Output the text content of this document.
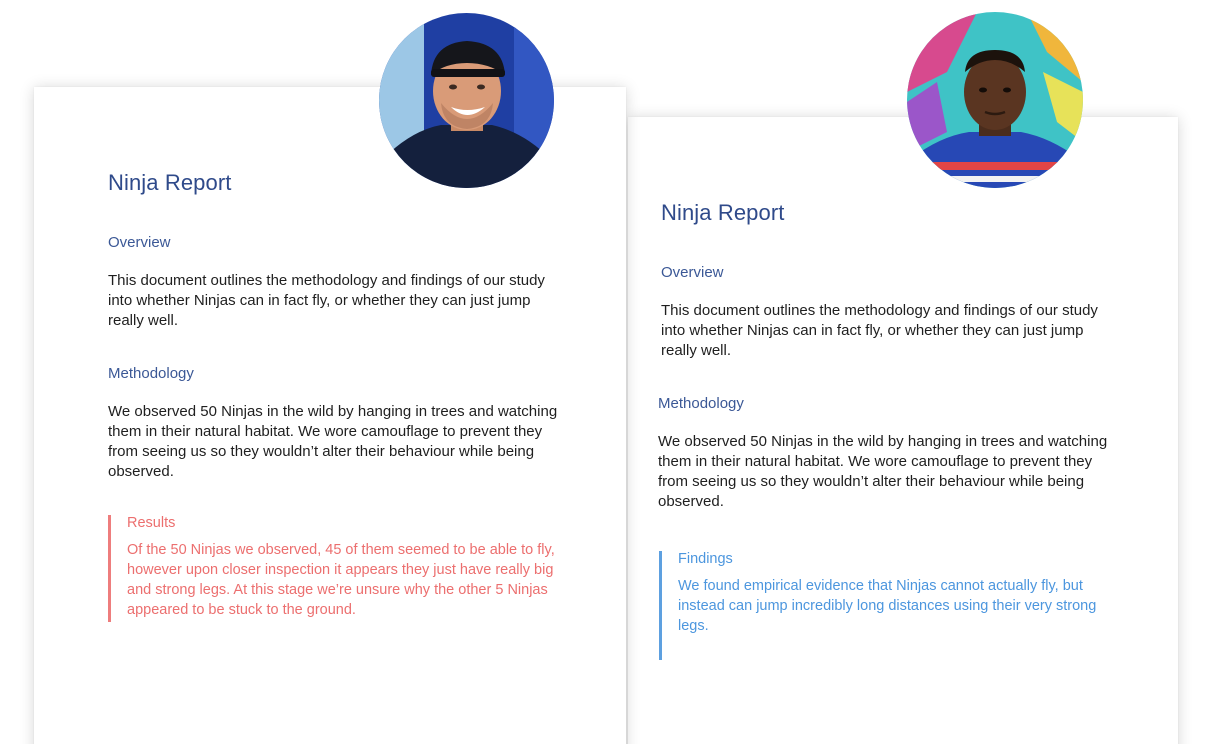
Ninja Report
Overview

This document outlines the methodology and findings of our study into whether Ninjas can in fact fly, or whether they can just jump really well.

Methodology

We observed 50 Ninjas in the wild by hanging in trees and watching them in their natural habitat. We wore camouflage to prevent they from seeing us so they wouldn’t alter their behaviour while being observed.

Results

Of the 50 Ninjas we observed, 45 of them seemed to be able to fly, however upon closer inspection it appears they just have really big and strong legs. At this stage we’re unsure why the other 5 Ninjas appeared to be stuck to the ground.

Ninja Report
Overview

This document outlines the methodology and findings of our study into whether Ninjas can in fact fly, or whether they can just jump really well.

Methodology

We observed 50 Ninjas in the wild by hanging in trees and watching them in their natural habitat. We wore camouflage to prevent they from seeing us so they wouldn’t alter their behaviour while being observed.

Findings

We found empirical evidence that Ninjas cannot actually fly, but instead can jump incredibly long distances using their very strong legs.
